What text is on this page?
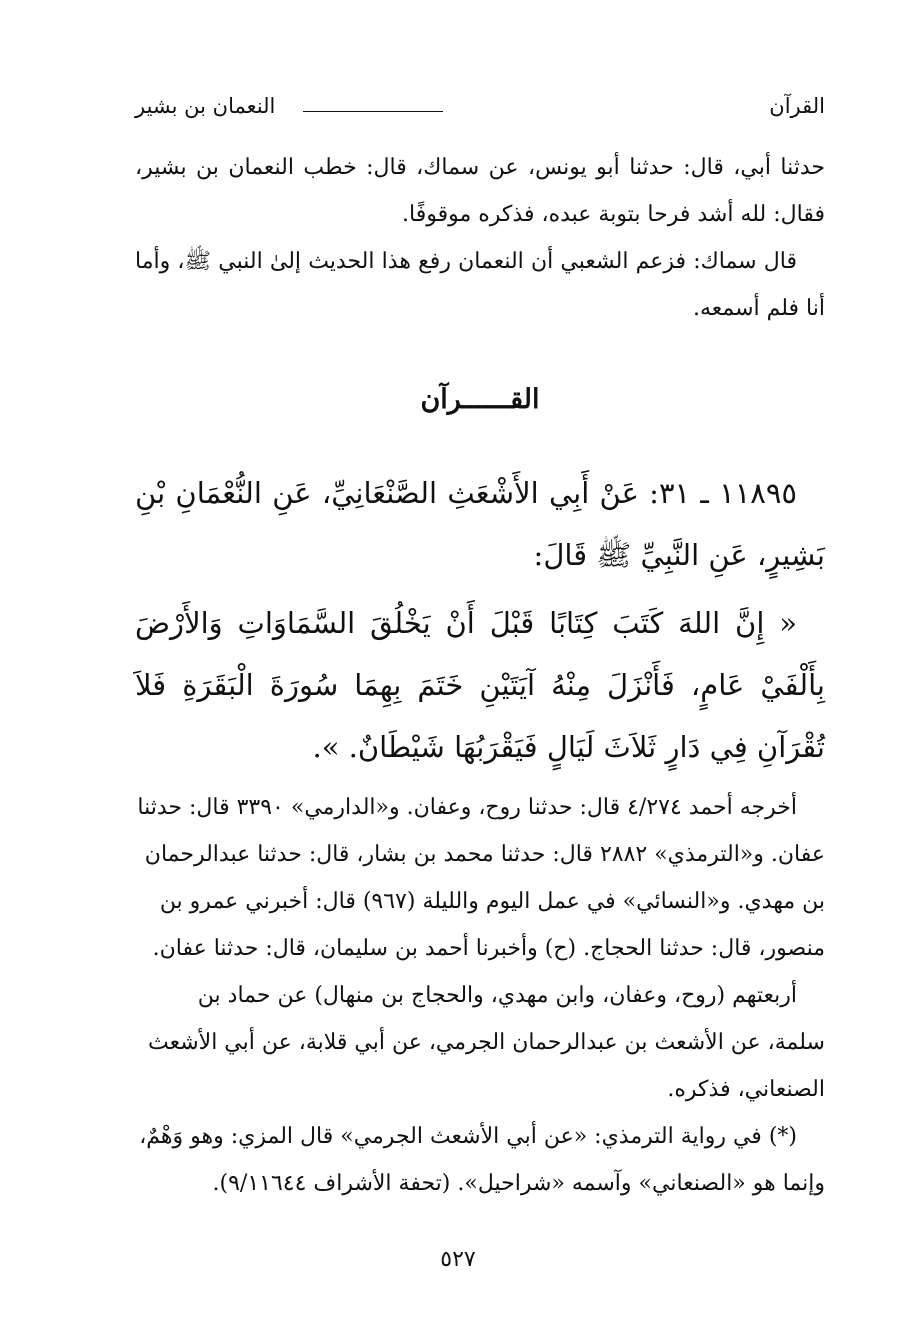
القرآن
النعمان بن بشير

حدثنا أبي، قال: حدثنا أبو يونس، عن سماك، قال: خطب النعمان بن بشير، فقال: لله أشد فرحا بتوبة عبده، فذكره موقوفًا.

قال سماك: فزعم الشعبي أن النعمان رفع هذا الحديث إلىٰ النبي ﷺ، وأما أنا فلم أسمعه.

القــــــرآن

١١٨٩٥ ـ ٣١: عَنْ أَبِي الأَشْعَثِ الصَّنْعَانِيِّ، عَنِ النُّعْمَانِ بْنِ بَشِيرٍ، عَنِ النَّبِيِّ ﷺ قَالَ:

« إِنَّ اللهَ كَتَبَ كِتَابًا قَبْلَ أَنْ يَخْلُقَ السَّمَاوَاتِ وَالأَرْضَ بِأَلْفَيْ عَامٍ، فَأَنْزَلَ مِنْهُ آيَتَيْنِ خَتَمَ بِهِمَا سُورَةَ الْبَقَرَةِ فَلاَ تُقْرَآنِ فِي دَارٍ ثَلاَثَ لَيَالٍ فَيَقْرَبُهَا شَيْطَانٌ. ».

أخرجه أحمد ٤/٢٧٤ قال: حدثنا روح، وعفان. و«الدارمي» ٣٣٩٠ قال: حدثنا عفان. و«الترمذي» ٢٨٨٢ قال: حدثنا محمد بن بشار، قال: حدثنا عبدالرحمان بن مهدي. و«النسائي» في عمل اليوم والليلة (٩٦٧) قال: أخبرني عمرو بن منصور، قال: حدثنا الحجاج. (ح) وأخبرنا أحمد بن سليمان، قال: حدثنا عفان.

أربعتهم (روح، وعفان، وابن مهدي، والحجاج بن منهال) عن حماد بن سلمة، عن الأشعث بن عبدالرحمان الجرمي، عن أبي قلابة، عن أبي الأشعث الصنعاني، فذكره.

(*) في رواية الترمذي: «عن أبي الأشعث الجرمي» قال المزي: وهو وَهْمٌ، وإنما هو «الصنعاني» وآسمه «شراحيل». (تحفة الأشراف ٩/١١٦٤٤).

٥٢٧
